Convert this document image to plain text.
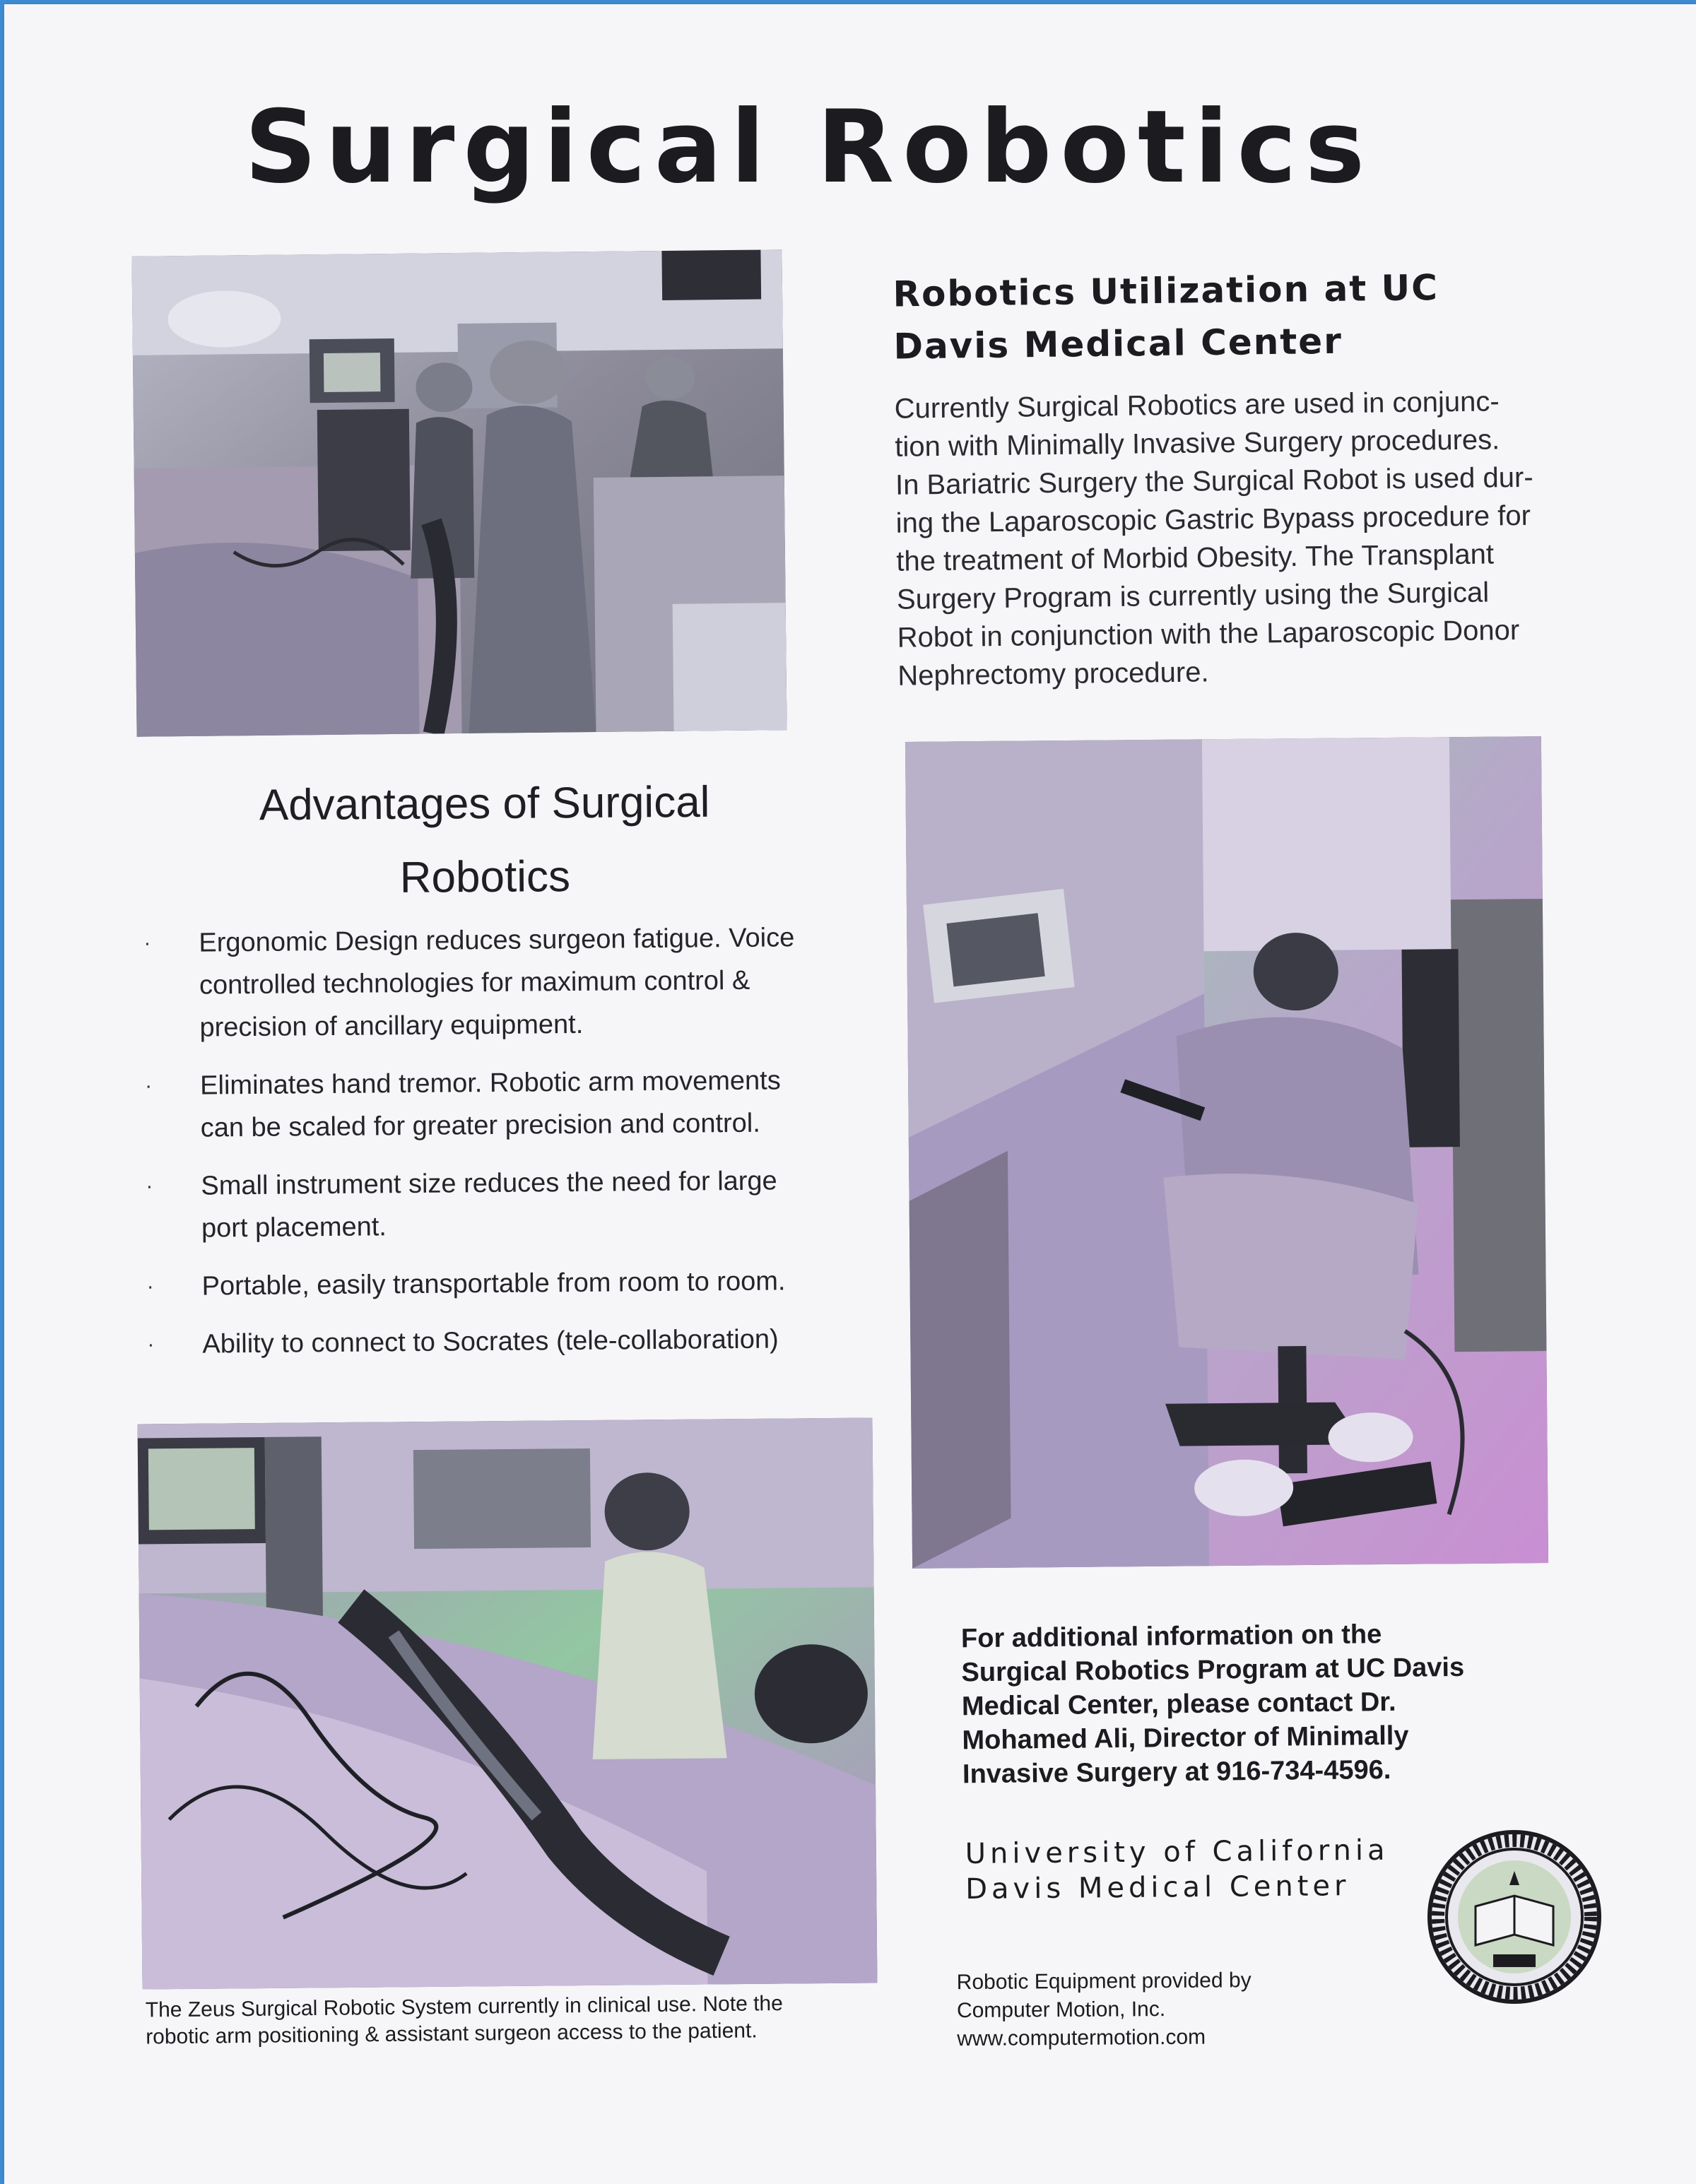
Surgical Robotics
Robotics Utilization at UC
Davis Medical Center
Currently Surgical Robotics are used in conjunc-
tion with Minimally Invasive Surgery procedures.
In Bariatric Surgery the Surgical Robot is used dur-
ing the Laparoscopic Gastric Bypass procedure for
the treatment of Morbid Obesity. The Transplant
Surgery Program is currently using the Surgical
Robot in conjunction with the Laparoscopic Donor
Nephrectomy procedure.
Advantages of Surgical
Robotics
· Ergonomic Design reduces surgeon fatigue. Voice
controlled technologies for maximum control &
precision of ancillary equipment.
· Eliminates hand tremor. Robotic arm movements
can be scaled for greater precision and control.
· Small instrument size reduces the need for large
port placement.
· Portable, easily transportable from room to room.
· Ability to connect to Socrates (tele-collaboration)
The Zeus Surgical Robotic System currently in clinical use. Note the
robotic arm positioning & assistant surgeon access to the patient.
For additional information on the
Surgical Robotics Program at UC Davis
Medical Center, please contact Dr.
Mohamed Ali, Director of Minimally
Invasive Surgery at 916-734-4596.
University of California
Davis Medical Center
Robotic Equipment provided by
Computer Motion, Inc.
www.computermotion.com
